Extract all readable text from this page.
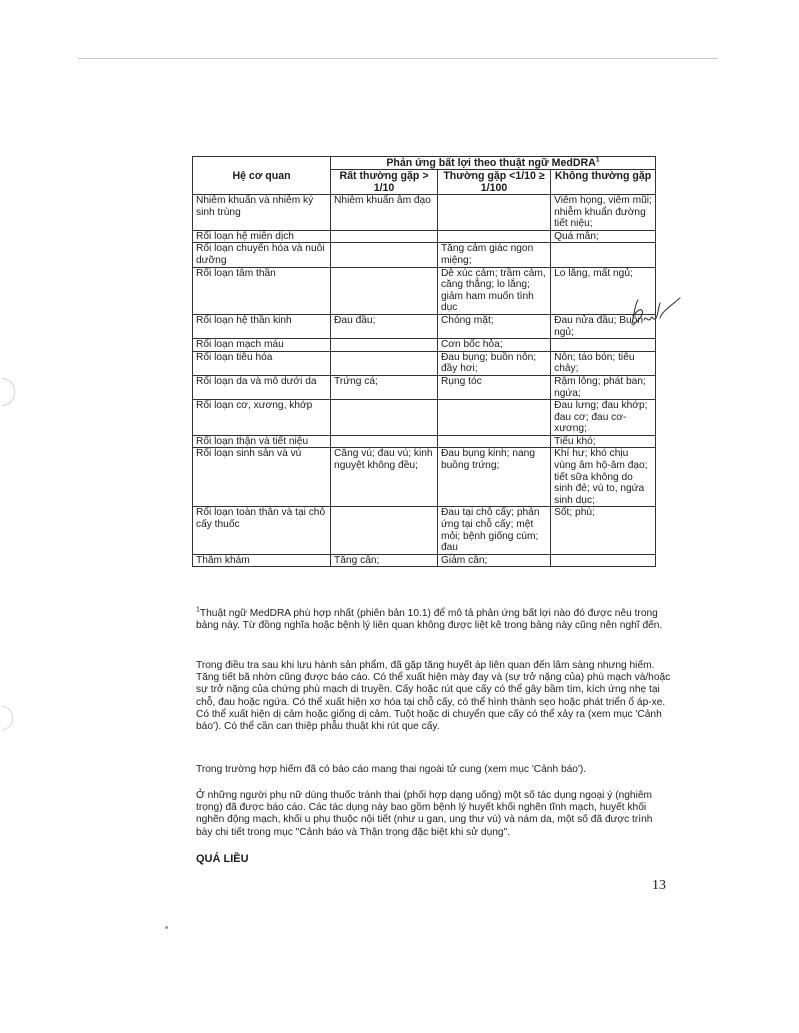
Hệ cơ quan	Phản ứng bất lợi theo thuật ngữ MedDRA$^1$
	Rất thường gặp > 1/10	Thường gặp <1/10 ≥ 1/100	Không thường gặp
Nhiễm khuẩn và nhiễm ký sinh trùng	Nhiễm khuẩn âm đạo		Viêm họng, viêm mũi; nhiễm khuẩn đường tiết niệu;
Rối loạn hệ miễn dịch			Quá mẫn;
Rối loạn chuyển hóa và nuôi dưỡng		Tăng cảm giác ngon miệng;	
Rối loạn tâm thần		Dễ xúc cảm; trầm cảm, căng thẳng; lo lắng; giảm ham muốn tình dục	Lo lắng, mất ngủ;
Rối loạn hệ thần kinh	Đau đầu;	Chóng mặt;	Đau nửa đầu; Buồn ngủ;
Rối loạn mạch máu		Cơn bốc hỏa;	
Rối loạn tiêu hóa		Đau bụng; buồn nôn; đầy hơi;	Nôn; táo bón; tiêu chảy;
Rối loạn da và mô dưới da	Trứng cá;	Rụng tóc	Rậm lông; phát ban; ngứa;
Rối loạn cơ, xương, khớp			Đau lưng; đau khớp; đau cơ; đau cơ-xương;
Rối loạn thận và tiết niệu			Tiểu khó;
Rối loạn sinh sản và vú	Căng vú; đau vú; kinh nguyệt không đều;	Đau bụng kinh; nang buồng trứng;	Khí hư; khó chịu vùng âm hộ-âm đạo; tiết sữa không do sinh đẻ; vú to, ngứa sinh dục;
Rối loạn toàn thân và tại chỗ cấy thuốc		Đau tại chỗ cấy; phản ứng tại chỗ cấy; mệt mỏi; bệnh giống cúm; đau	Sốt; phù;
Thăm khám	Tăng cân;	Giảm cân;	
$^1$Thuật ngữ MedDRA phù hợp nhất (phiên bản 10.1) để mô tả phản ứng bất lợi nào đó được nêu trong bảng này. Từ đồng nghĩa hoặc bệnh lý liên quan không được liệt kê trong bảng này cũng nên nghĩ đến.
Trong điều tra sau khi lưu hành sản phẩm, đã gặp tăng huyết áp liên quan đến lâm sàng nhưng hiếm. Tăng tiết bã nhờn cũng được báo cáo. Có thể xuất hiện mày đay và (sự trở nặng của) phù mạch và/hoặc sự trở nặng của chứng phù mạch di truyền. Cấy hoặc rút que cấy có thể gây bầm tím, kích ứng nhẹ tại chỗ, đau hoặc ngứa. Có thể xuất hiện xơ hóa tại chỗ cấy, có thể hình thành sẹo hoặc phát triển ổ áp-xe. Có thể xuất hiện dị cảm hoặc giống dị cảm. Tuột hoặc di chuyển que cấy có thể xảy ra (xem mục 'Cảnh báo'). Có thể cần can thiệp phẫu thuật khi rút que cấy.
Trong trường hợp hiếm đã có báo cáo mang thai ngoài tử cung (xem mục 'Cảnh báo').
Ở những người phụ nữ dùng thuốc tránh thai (phối hợp dạng uống) một số tác dụng ngoại ý (nghiêm trọng) đã được báo cáo. Các tác dụng này bao gồm bệnh lý huyết khối nghẽn tĩnh mạch, huyết khối nghẽn động mạch, khối u phụ thuộc nội tiết (như u gan, ung thư vú) và nám da, một số đã được trình bày chi tiết trong mục "Cảnh báo và Thận trọng đặc biệt khi sử dụng".
QUÁ LIỀU
13
